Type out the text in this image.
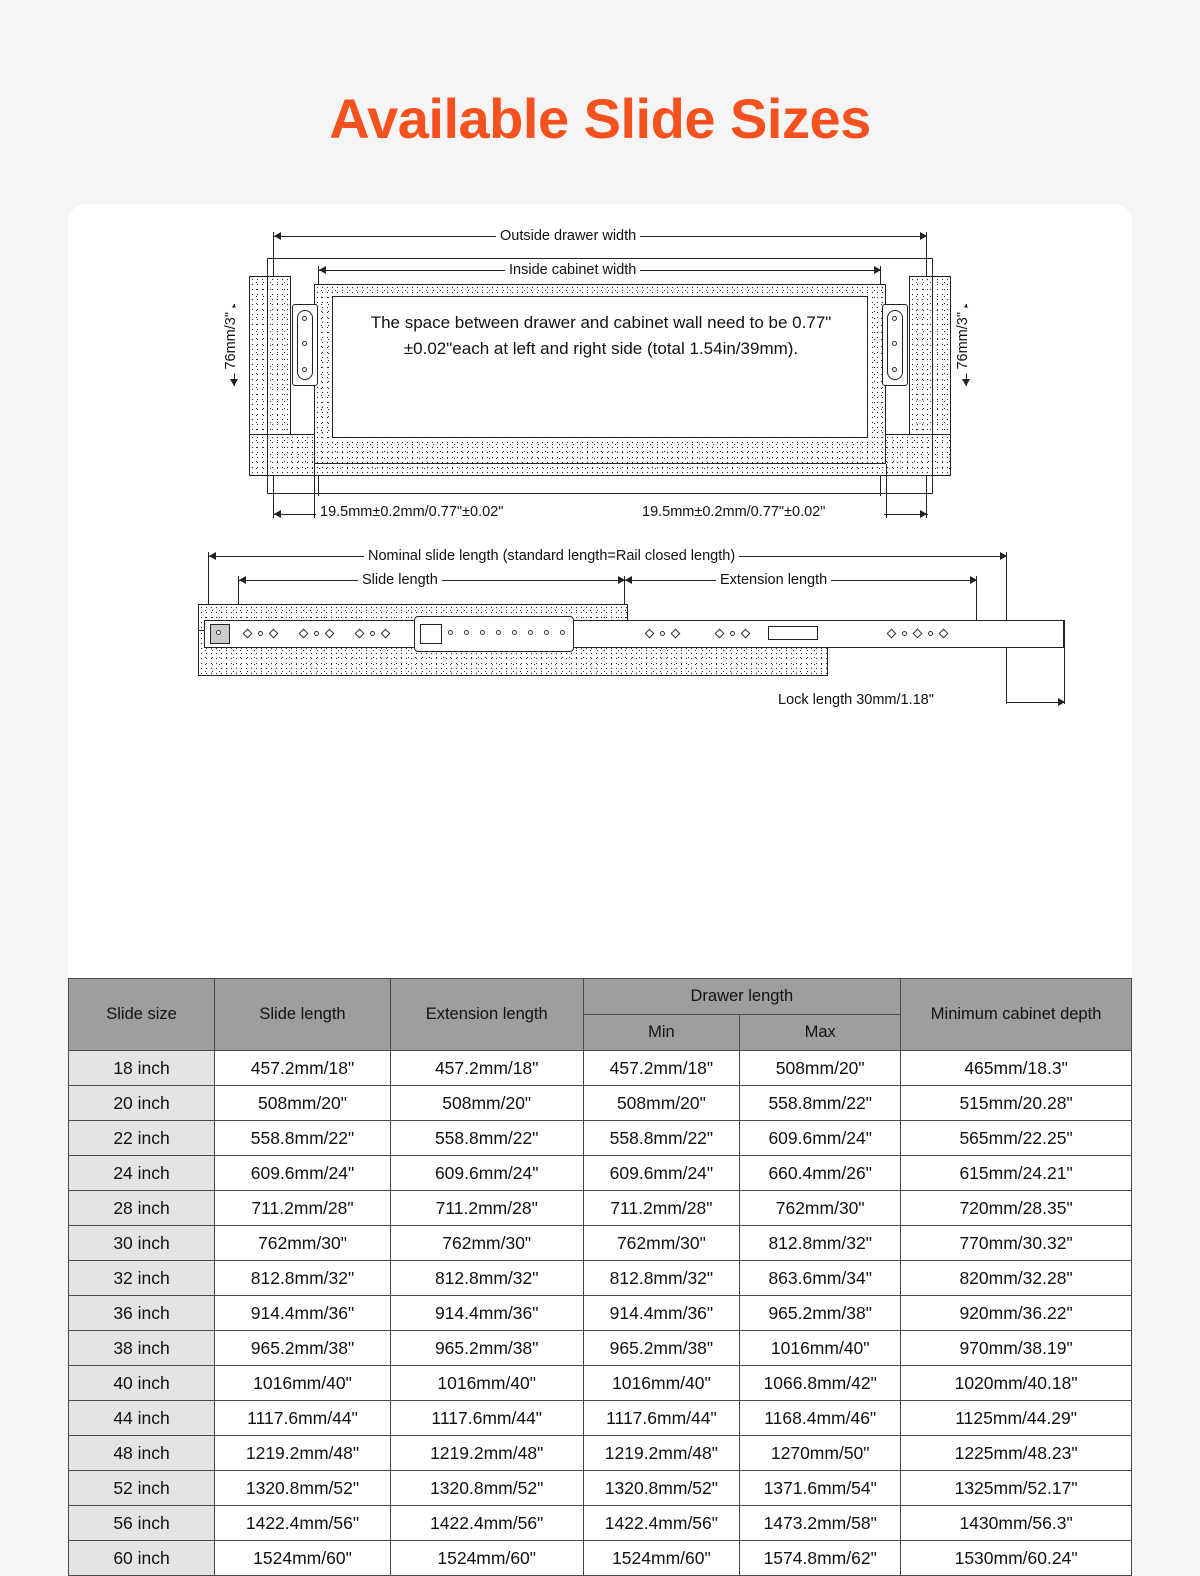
Available Slide Sizes
Outside drawer width
Inside cabinet width
The space between drawer and cabinet wall need to be 0.77" ±0.02"each at left and right side (total 1.54in/39mm).
76mm/3"	76mm/3"
19.5mm±0.2mm/0.77"±0.02"	19.5mm±0.2mm/0.77"±0.02"
Nominal slide length (standard length=Rail closed length)
Slide length	Extension length
Lock length 30mm/1.18"
Slide size	Slide length	Extension length	Drawer length		Minimum cabinet depth
			Min	Max	
18 inch	457.2mm/18"	457.2mm/18"	457.2mm/18"	508mm/20"	465mm/18.3"
20 inch	508mm/20"	508mm/20"	508mm/20"	558.8mm/22"	515mm/20.28"
22 inch	558.8mm/22"	558.8mm/22"	558.8mm/22"	609.6mm/24"	565mm/22.25"
24 inch	609.6mm/24"	609.6mm/24"	609.6mm/24"	660.4mm/26"	615mm/24.21"
28 inch	711.2mm/28"	711.2mm/28"	711.2mm/28"	762mm/30"	720mm/28.35"
30 inch	762mm/30"	762mm/30"	762mm/30"	812.8mm/32"	770mm/30.32"
32 inch	812.8mm/32"	812.8mm/32"	812.8mm/32"	863.6mm/34"	820mm/32.28"
36 inch	914.4mm/36"	914.4mm/36"	914.4mm/36"	965.2mm/38"	920mm/36.22"
38 inch	965.2mm/38"	965.2mm/38"	965.2mm/38"	1016mm/40"	970mm/38.19"
40 inch	1016mm/40"	1016mm/40"	1016mm/40"	1066.8mm/42"	1020mm/40.18"
44 inch	1117.6mm/44"	1117.6mm/44"	1117.6mm/44"	1168.4mm/46"	1125mm/44.29"
48 inch	1219.2mm/48"	1219.2mm/48"	1219.2mm/48"	1270mm/50"	1225mm/48.23"
52 inch	1320.8mm/52"	1320.8mm/52"	1320.8mm/52"	1371.6mm/54"	1325mm/52.17"
56 inch	1422.4mm/56"	1422.4mm/56"	1422.4mm/56"	1473.2mm/58"	1430mm/56.3"
60 inch	1524mm/60"	1524mm/60"	1524mm/60"	1574.8mm/62"	1530mm/60.24"
